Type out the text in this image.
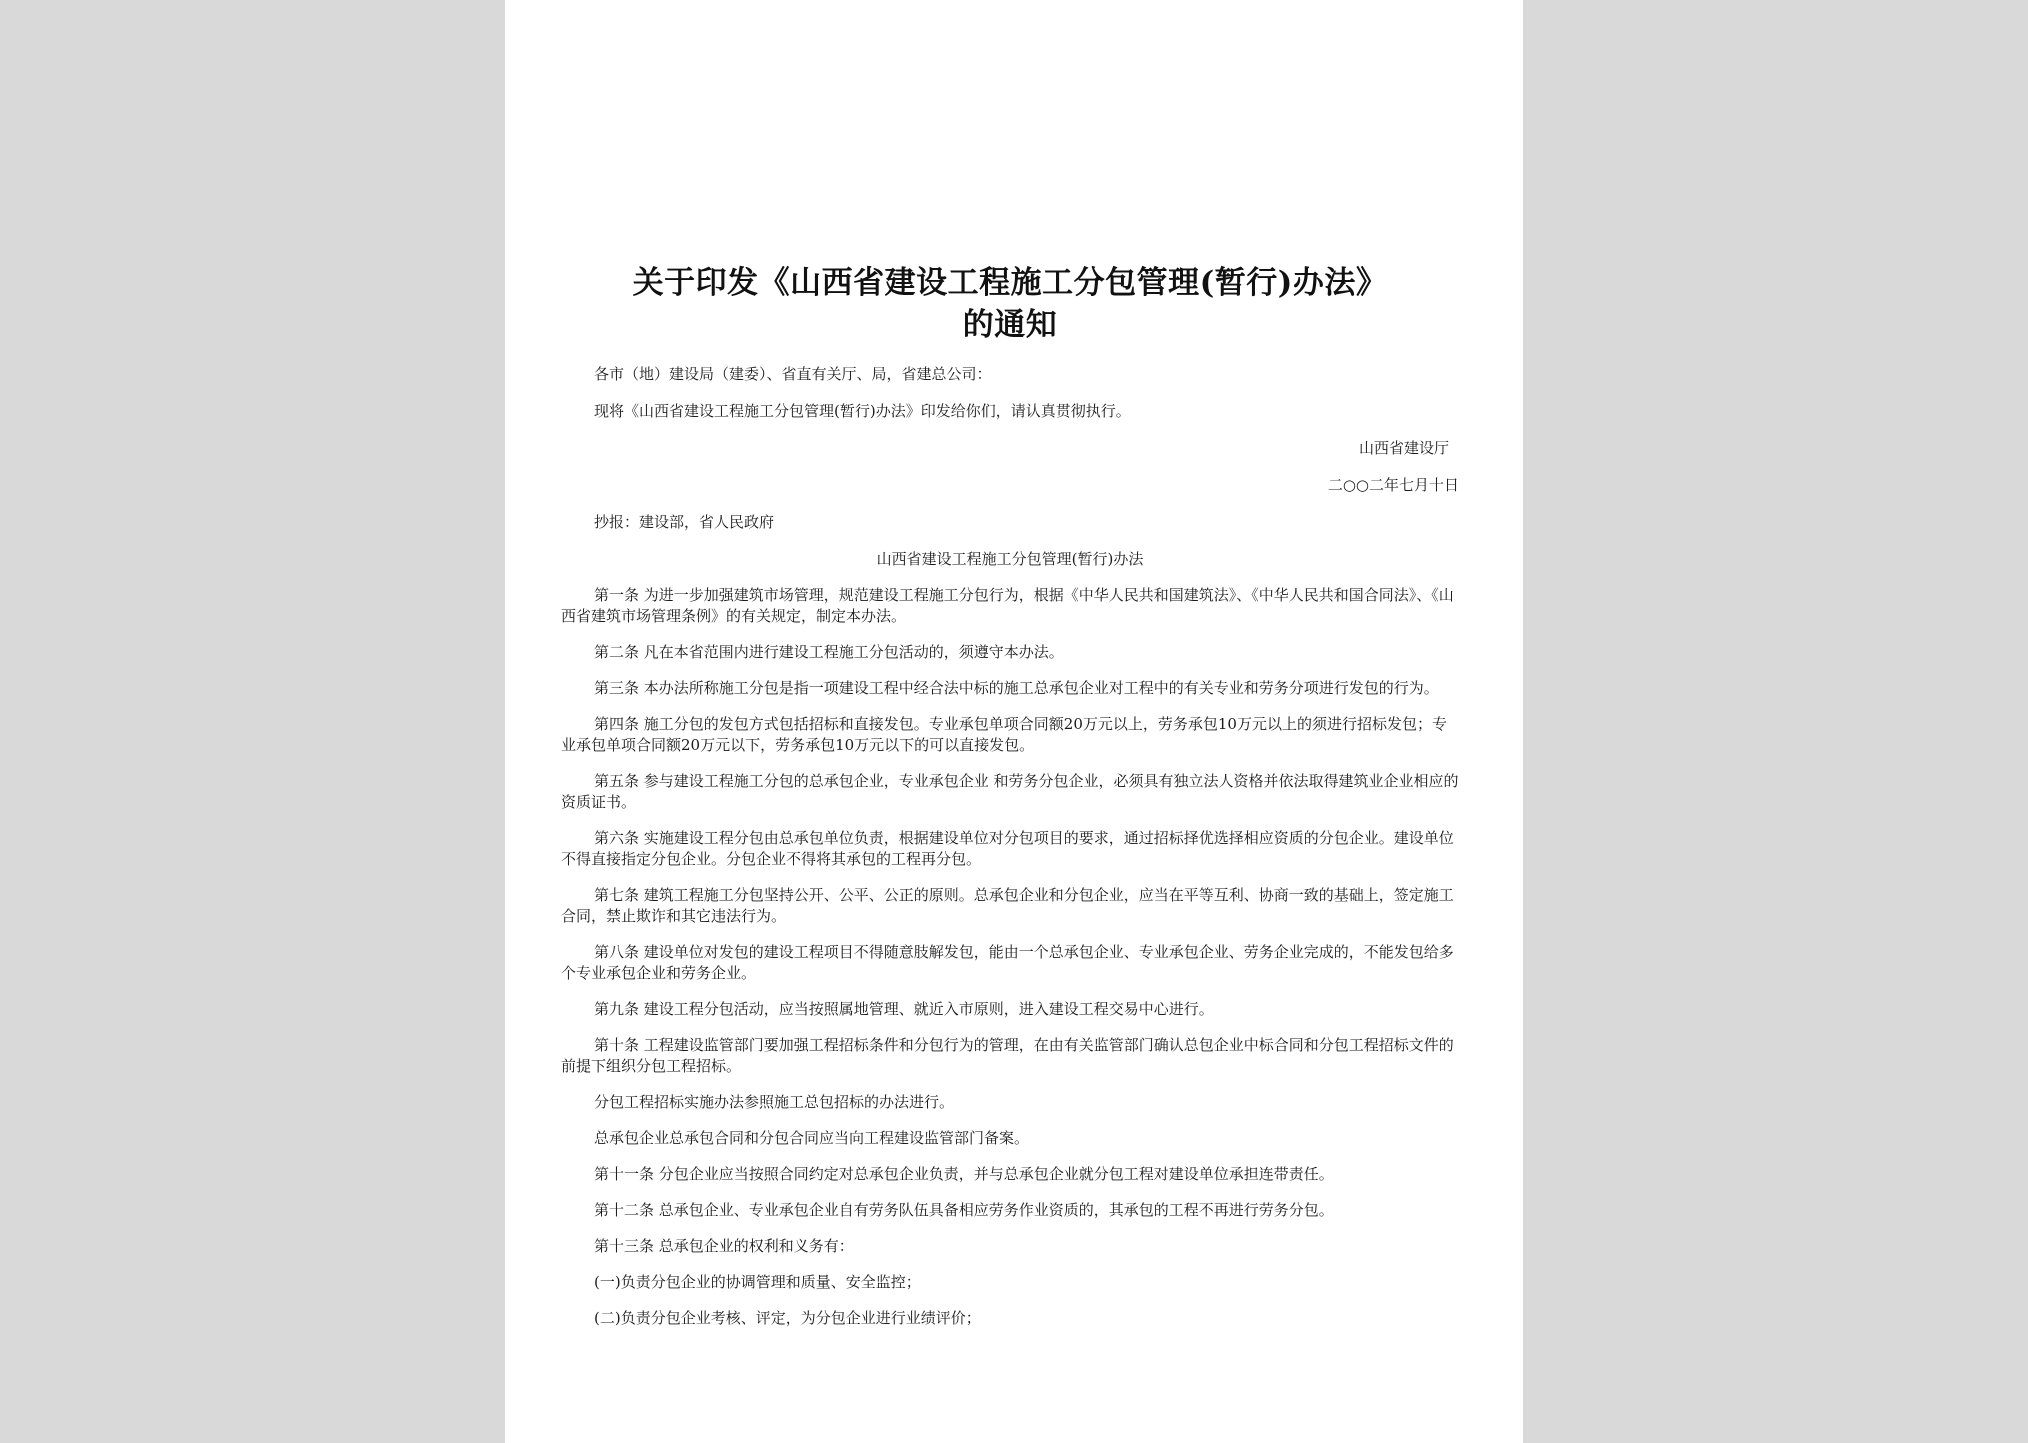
关于印发《山西省建设工程施工分包管理(暂行)办法》
的通知

各市（地）建设局（建委）、省直有关厅、局，省建总公司：

现将《山西省建设工程施工分包管理(暂行)办法》印发给你们，请认真贯彻执行。

山西省建设厅

二○○二年七月十日

抄报：建设部，省人民政府

山西省建设工程施工分包管理(暂行)办法

第一条 为进一步加强建筑市场管理，规范建设工程施工分包行为，根据《中华人民共和国建筑法》、《中华人民共和国合同法》、《山西省建筑市场管理条例》的有关规定，制定本办法。

第二条 凡在本省范围内进行建设工程施工分包活动的，须遵守本办法。

第三条 本办法所称施工分包是指一项建设工程中经合法中标的施工总承包企业对工程中的有关专业和劳务分项进行发包的行为。

第四条 施工分包的发包方式包括招标和直接发包。专业承包单项合同额20万元以上，劳务承包10万元以上的须进行招标发包；专业承包单项合同额20万元以下，劳务承包10万元以下的可以直接发包。

第五条 参与建设工程施工分包的总承包企业，专业承包企业 和劳务分包企业，必须具有独立法人资格并依法取得建筑业企业相应的资质证书。

第六条 实施建设工程分包由总承包单位负责，根据建设单位对分包项目的要求，通过招标择优选择相应资质的分包企业。建设单位不得直接指定分包企业。分包企业不得将其承包的工程再分包。

第七条 建筑工程施工分包坚持公开、公平、公正的原则。总承包企业和分包企业，应当在平等互利、协商一致的基础上，签定施工合同，禁止欺诈和其它违法行为。

第八条 建设单位对发包的建设工程项目不得随意肢解发包，能由一个总承包企业、专业承包企业、劳务企业完成的，不能发包给多个专业承包企业和劳务企业。

第九条 建设工程分包活动，应当按照属地管理、就近入市原则，进入建设工程交易中心进行。

第十条 工程建设监管部门要加强工程招标条件和分包行为的管理，在由有关监管部门确认总包企业中标合同和分包工程招标文件的前提下组织分包工程招标。

分包工程招标实施办法参照施工总包招标的办法进行。

总承包企业总承包合同和分包合同应当向工程建设监管部门备案。

第十一条 分包企业应当按照合同约定对总承包企业负责，并与总承包企业就分包工程对建设单位承担连带责任。

第十二条 总承包企业、专业承包企业自有劳务队伍具备相应劳务作业资质的，其承包的工程不再进行劳务分包。

第十三条 总承包企业的权利和义务有：

(一)负责分包企业的协调管理和质量、安全监控；

(二)负责分包企业考核、评定，为分包企业进行业绩评价；
